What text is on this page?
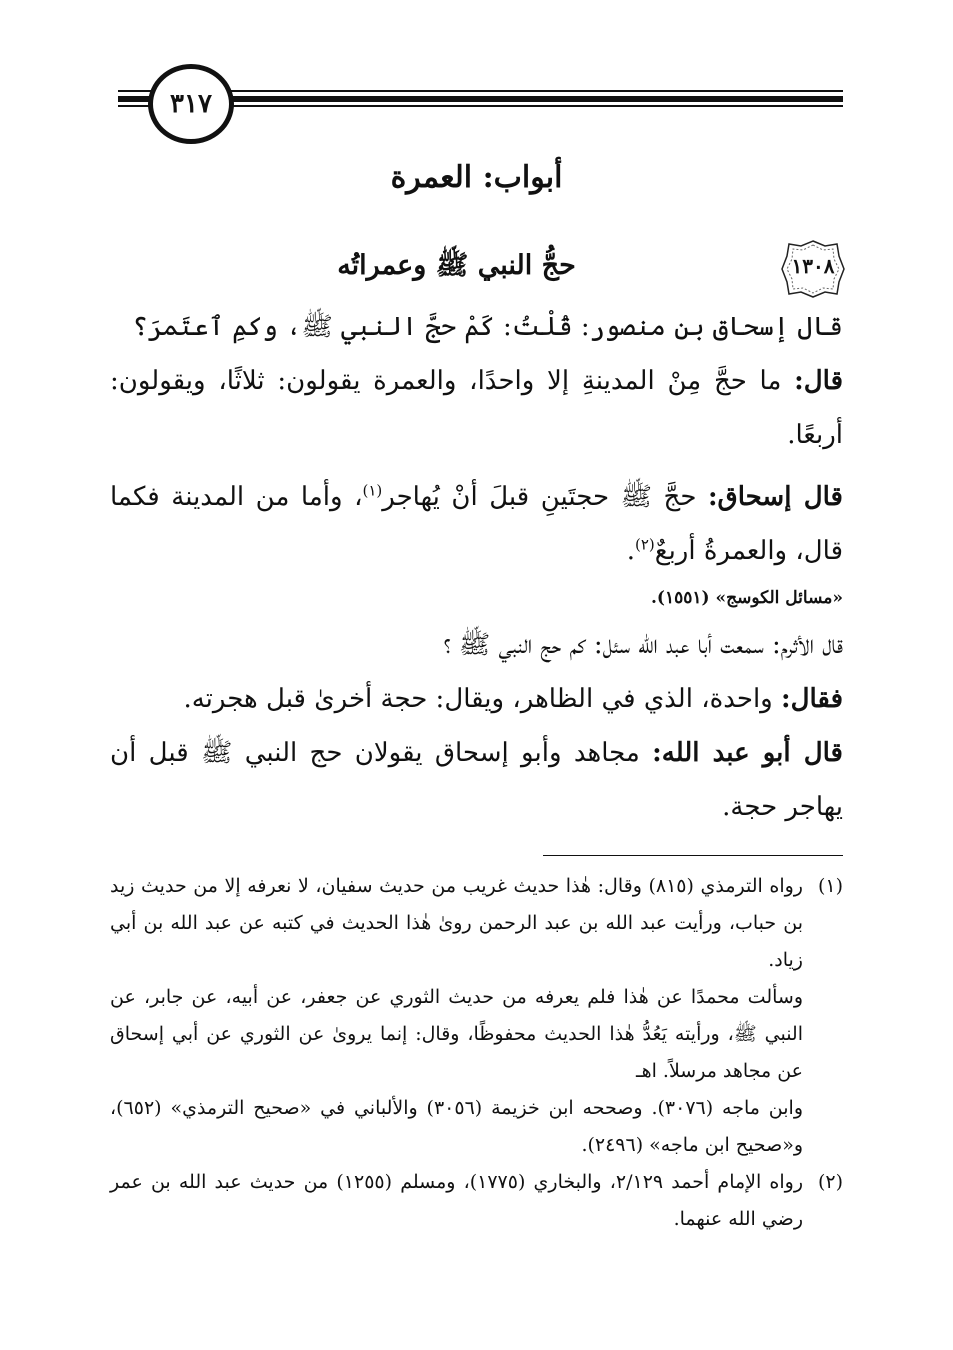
٣١٧
أبواب: العمرة
١٣٠٨
حجُّ النبي ﷺ وعمراتُه

قال إسحاق بن منصور: قُلْتُ: كَمْ حجَّ النبي ﷺ، وكمِ ٱعتَمرَ؟

قال: ما حجَّ مِنْ المدينةِ إلا واحدًا، والعمرة يقولون: ثلاثًا، ويقولون: أربعًا.

قال إسحاق: حجَّ ﷺ حجتَينِ قبلَ أنْ يُهاجر$^{(١)}$، وأما من المدينة فكما قال، والعمرةُ أربعٌ$^{(٢)}$.

«مسائل الكوسج» (١٥٥١).

قال الأثرم: سمعت أبا عبد الله سئل: كم حج النبي ﷺ ؟

فقال: واحدة، الذي في الظاهر، ويقال: حجة أخرىٰ قبل هجرته.

قال أبو عبد الله: مجاهد وأبو إسحاق يقولان حج النبي ﷺ قبل أن يهاجر حجة.

(١)

رواه الترمذي (٨١٥) وقال: هٰذا حديث غريب من حديث سفيان، لا نعرفه إلا من حديث زيد بن حباب، ورأيت عبد الله بن عبد الرحمن روىٰ هٰذا الحديث في كتبه عن عبد الله بن أبي زياد.

وسألت محمدًا عن هٰذا فلم يعرفه من حديث الثوري عن جعفر، عن أبيه، عن جابر، عن النبي ﷺ، ورأيته يَعُدُّ هٰذا الحديث محفوظًا، وقال: إنما يروىٰ عن الثوري عن أبي إسحاق عن مجاهد مرسلاً. اهـ

وابن ماجه (٣٠٧٦). وصححه ابن خزيمة (٣٠٥٦) والألباني في «صحيح الترمذي» (٦٥٢)، و«صحيح ابن ماجه» (٢٤٩٦).

(٢)

رواه الإمام أحمد ٢/١٢٩، والبخاري (١٧٧٥)، ومسلم (١٢٥٥) من حديث عبد الله بن عمر رضي الله عنهما.
